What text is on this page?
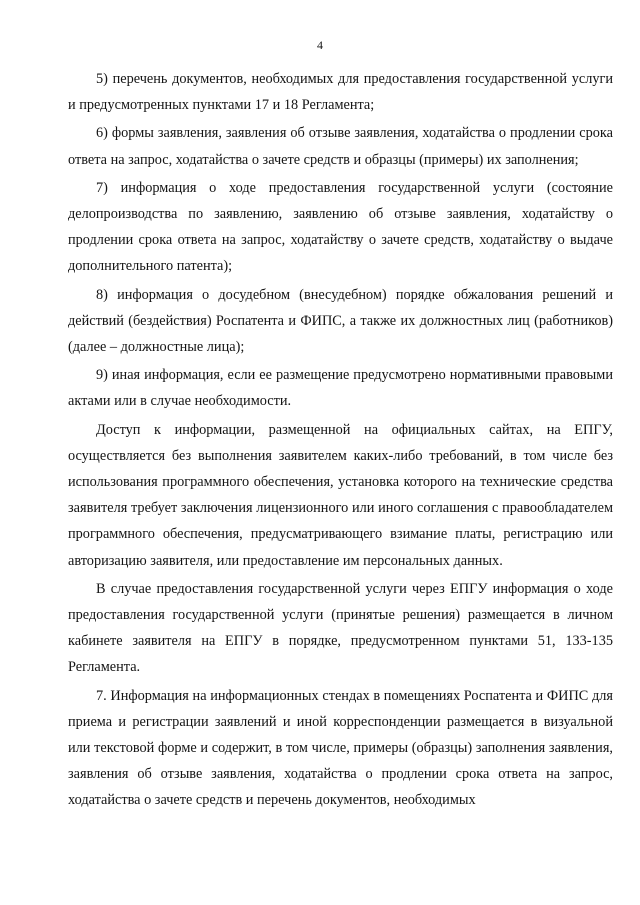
4

5) перечень документов, необходимых для предоставления государственной услуги и предусмотренных пунктами 17 и 18 Регламента;

6) формы заявления, заявления об отзыве заявления, ходатайства о продлении срока ответа на запрос, ходатайства о зачете средств и образцы (примеры) их заполнения;

7) информация о ходе предоставления государственной услуги (состояние делопроизводства по заявлению, заявлению об отзыве заявления, ходатайству о продлении срока ответа на запрос, ходатайству о зачете средств, ходатайству о выдаче дополнительного патента);

8) информация о досудебном (внесудебном) порядке обжалования решений и действий (бездействия) Роспатента и ФИПС, а также их должностных лиц (работников) (далее – должностные лица);

9) иная информация, если ее размещение предусмотрено нормативными правовыми актами или в случае необходимости.

Доступ к информации, размещенной на официальных сайтах, на ЕПГУ, осуществляется без выполнения заявителем каких-либо требований, в том числе без использования программного обеспечения, установка которого на технические средства заявителя требует заключения лицензионного или иного соглашения с правообладателем программного обеспечения, предусматривающего взимание платы, регистрацию или авторизацию заявителя, или предоставление им персональных данных.

В случае предоставления государственной услуги через ЕПГУ информация о ходе предоставления государственной услуги (принятые решения) размещается в личном кабинете заявителя на ЕПГУ в порядке, предусмотренном пунктами 51, 133-135 Регламента.

7. Информация на информационных стендах в помещениях Роспатента и ФИПС для приема и регистрации заявлений и иной корреспонденции размещается в визуальной или текстовой форме и содержит, в том числе, примеры (образцы) заполнения заявления, заявления об отзыве заявления, ходатайства о продлении срока ответа на запрос, ходатайства о зачете средств и перечень документов, необходимых
